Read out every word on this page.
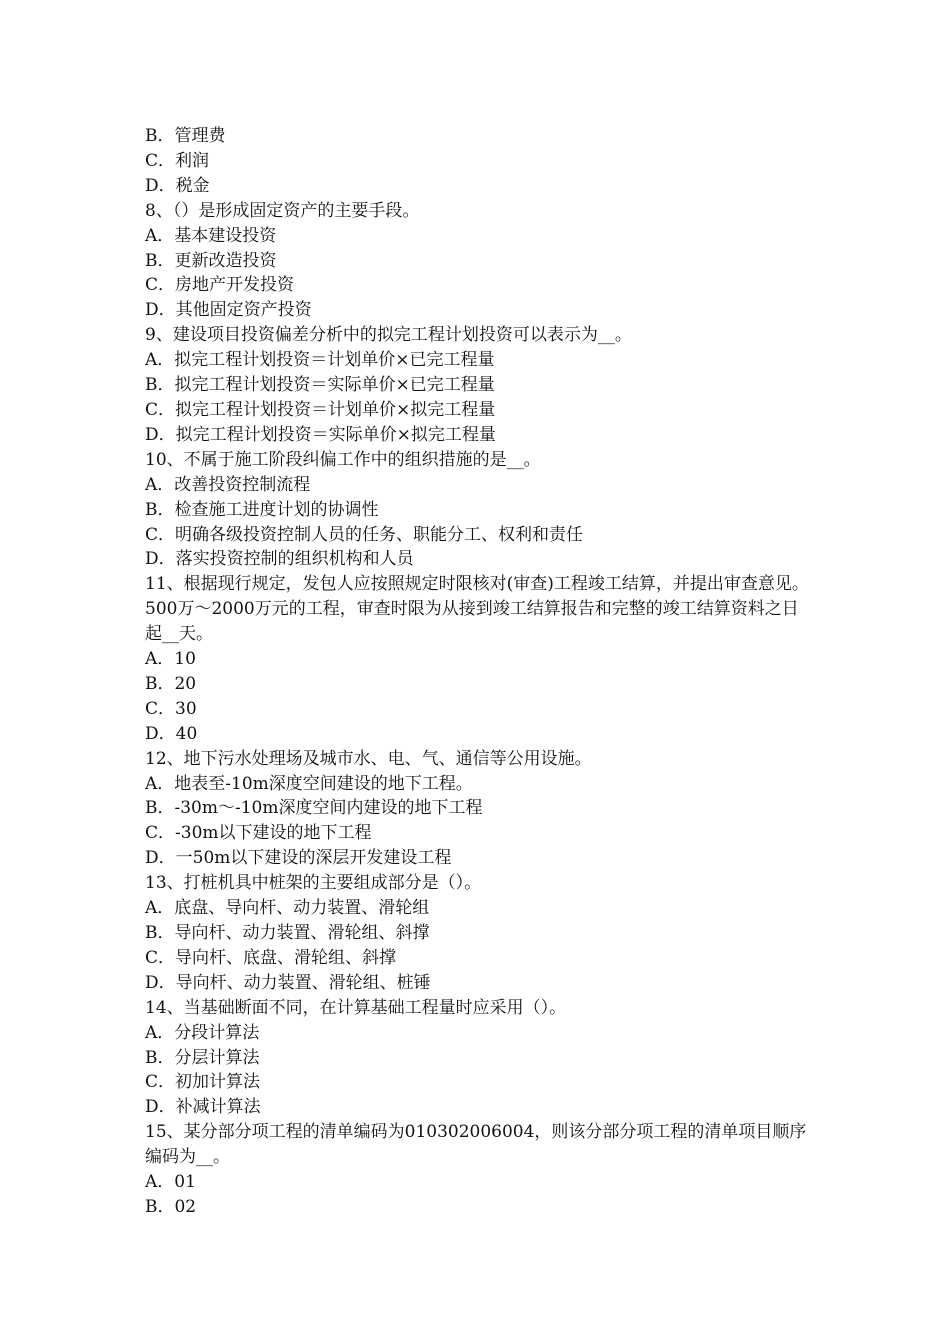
B．管理费

C．利润

D．税金

8、（）是形成固定资产的主要手段。

A．基本建设投资

B．更新改造投资

C．房地产开发投资

D．其他固定资产投资

9、建设项目投资偏差分析中的拟完工程计划投资可以表示为__。

A．拟完工程计划投资＝计划单价×已完工程量

B．拟完工程计划投资＝实际单价×已完工程量

C．拟完工程计划投资＝计划单价×拟完工程量

D．拟完工程计划投资＝实际单价×拟完工程量

10、不属于施工阶段纠偏工作中的组织措施的是__。

A．改善投资控制流程

B．检查施工进度计划的协调性

C．明确各级投资控制人员的任务、职能分工、权利和责任

D．落实投资控制的组织机构和人员

11、根据现行规定，发包人应按照规定时限核对(审查)工程竣工结算，并提出审查意见。500万～2000万元的工程，审查时限为从接到竣工结算报告和完整的竣工结算资料之日起__天。

A．10

B．20

C．30

D．40

12、地下污水处理场及城市水、电、气、通信等公用设施。

A．地表至-10m深度空间建设的地下工程。

B．-30m～-10m深度空间内建设的地下工程

C．-30m以下建设的地下工程

D．一50m以下建设的深层开发建设工程

13、打桩机具中桩架的主要组成部分是（）。

A．底盘、导向杆、动力装置、滑轮组

B．导向杆、动力装置、滑轮组、斜撑

C．导向杆、底盘、滑轮组、斜撑

D．导向杆、动力装置、滑轮组、桩锤

14、当基础断面不同，在计算基础工程量时应采用（）。

A．分段计算法

B．分层计算法

C．初加计算法

D．补减计算法

15、某分部分项工程的清单编码为010302006004，则该分部分项工程的清单项目顺序编码为__。

A．01

B．02
